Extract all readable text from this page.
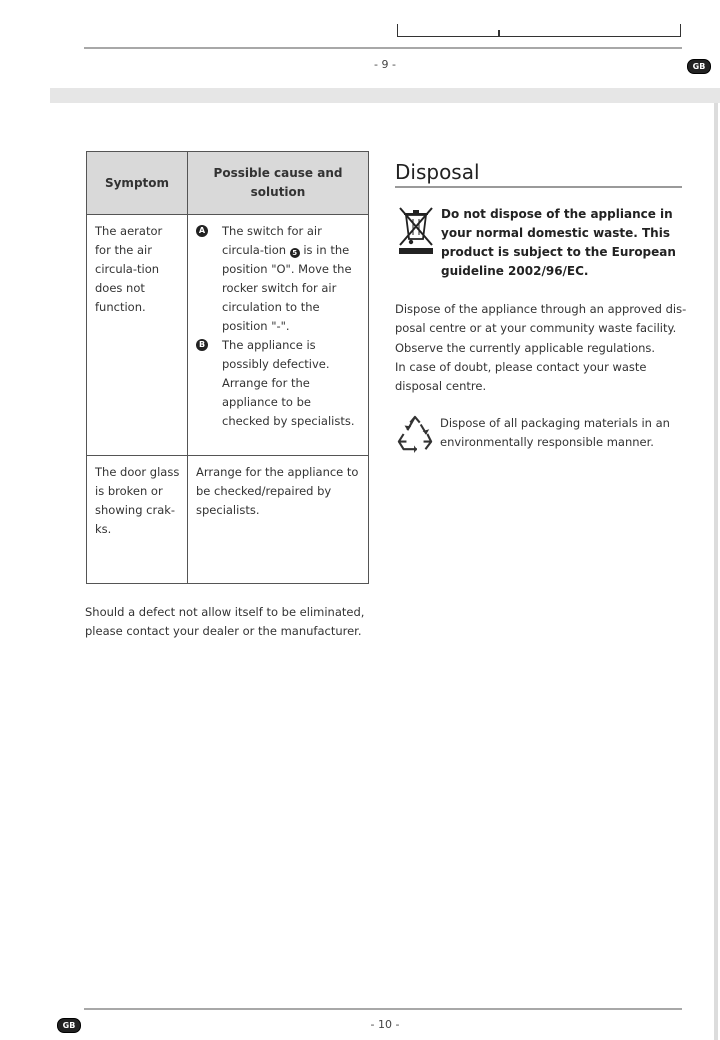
- 9 -	GB
Symptom	Possible cause and solution
The aerator for the air circula-tion does not function.	A The switch for air circula-tion 5 is in the position "O". Move the rocker switch for air circulation to the position "-".
B The appliance is possibly defective. Arrange for the appliance to be checked by specialists.

The door glass is broken or showing crak-ks.	Arrange for the appliance to be checked/repaired by specialists.
Should a defect not allow itself to be eliminated, please contact your dealer or the manufacturer.
Disposal
Do not dispose of the appliance in your normal domestic waste. This product is subject to the European guideline 2002/96/EC.
Dispose of the appliance through an approved dis-posal centre or at your community waste facility.
Observe the currently applicable regulations.
In case of doubt, please contact your waste disposal centre.
Dispose of all packaging materials in an environmentally responsible manner.
GB	- 10 -
